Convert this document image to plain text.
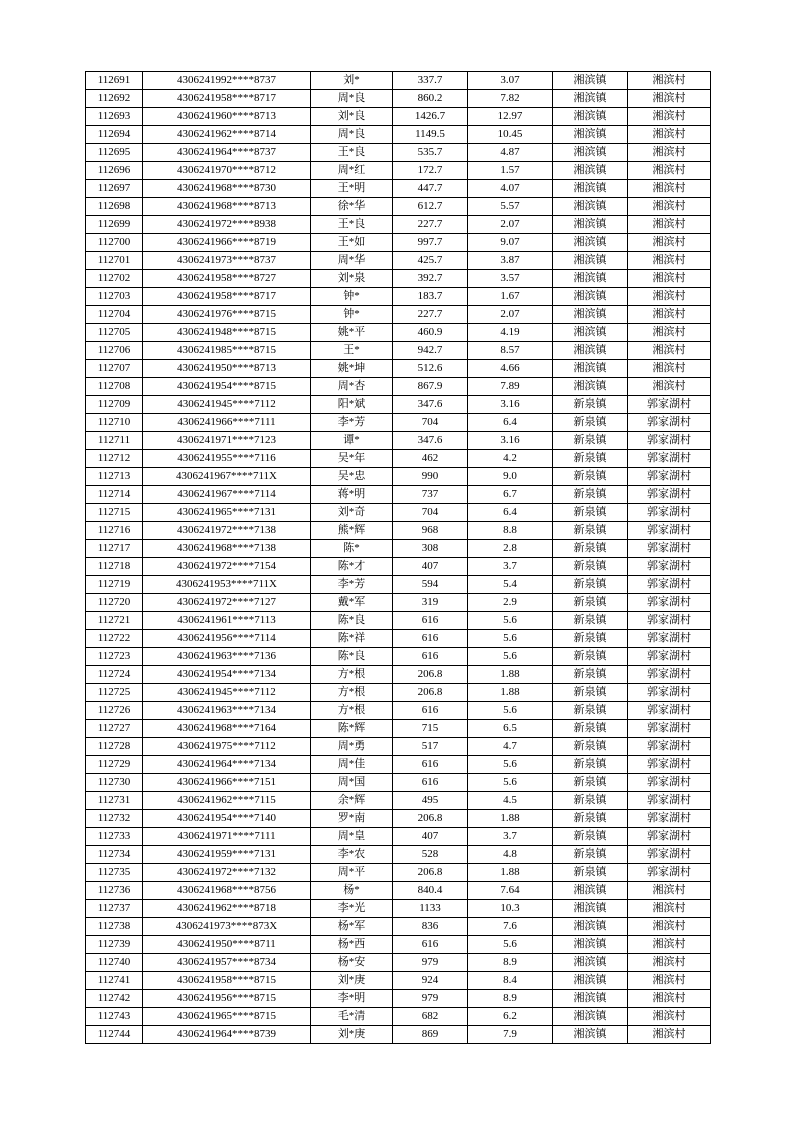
112691	4306241992****8737	刘*	337.7	3.07	湘滨镇	湘滨村
112692	4306241958****8717	周*良	860.2	7.82	湘滨镇	湘滨村
112693	4306241960****8713	刘*良	1426.7	12.97	湘滨镇	湘滨村
112694	4306241962****8714	周*良	1149.5	10.45	湘滨镇	湘滨村
112695	4306241964****8737	王*良	535.7	4.87	湘滨镇	湘滨村
112696	4306241970****8712	周*红	172.7	1.57	湘滨镇	湘滨村
112697	4306241968****8730	王*明	447.7	4.07	湘滨镇	湘滨村
112698	4306241968****8713	徐*华	612.7	5.57	湘滨镇	湘滨村
112699	4306241972****8938	王*良	227.7	2.07	湘滨镇	湘滨村
112700	4306241966****8719	王*如	997.7	9.07	湘滨镇	湘滨村
112701	4306241973****8737	周*华	425.7	3.87	湘滨镇	湘滨村
112702	4306241958****8727	刘*泉	392.7	3.57	湘滨镇	湘滨村
112703	4306241958****8717	钟*	183.7	1.67	湘滨镇	湘滨村
112704	4306241976****8715	钟*	227.7	2.07	湘滨镇	湘滨村
112705	4306241948****8715	姚*平	460.9	4.19	湘滨镇	湘滨村
112706	4306241985****8715	王*	942.7	8.57	湘滨镇	湘滨村
112707	4306241950****8713	姚*坤	512.6	4.66	湘滨镇	湘滨村
112708	4306241954****8715	周*杏	867.9	7.89	湘滨镇	湘滨村
112709	4306241945****7112	阳*斌	347.6	3.16	新泉镇	郭家湖村
112710	4306241966****7111	李*芳	704	6.4	新泉镇	郭家湖村
112711	4306241971****7123	谭*	347.6	3.16	新泉镇	郭家湖村
112712	4306241955****7116	吴*年	462	4.2	新泉镇	郭家湖村
112713	4306241967****711X	吴*忠	990	9.0	新泉镇	郭家湖村
112714	4306241967****7114	蒋*明	737	6.7	新泉镇	郭家湖村
112715	4306241965****7131	刘*奇	704	6.4	新泉镇	郭家湖村
112716	4306241972****7138	熊*辉	968	8.8	新泉镇	郭家湖村
112717	4306241968****7138	陈*	308	2.8	新泉镇	郭家湖村
112718	4306241972****7154	陈*才	407	3.7	新泉镇	郭家湖村
112719	4306241953****711X	李*芳	594	5.4	新泉镇	郭家湖村
112720	4306241972****7127	戴*军	319	2.9	新泉镇	郭家湖村
112721	4306241961****7113	陈*良	616	5.6	新泉镇	郭家湖村
112722	4306241956****7114	陈*祥	616	5.6	新泉镇	郭家湖村
112723	4306241963****7136	陈*良	616	5.6	新泉镇	郭家湖村
112724	4306241954****7134	方*根	206.8	1.88	新泉镇	郭家湖村
112725	4306241945****7112	方*根	206.8	1.88	新泉镇	郭家湖村
112726	4306241963****7134	方*根	616	5.6	新泉镇	郭家湖村
112727	4306241968****7164	陈*辉	715	6.5	新泉镇	郭家湖村
112728	4306241975****7112	周*勇	517	4.7	新泉镇	郭家湖村
112729	4306241964****7134	周*佳	616	5.6	新泉镇	郭家湖村
112730	4306241966****7151	周*国	616	5.6	新泉镇	郭家湖村
112731	4306241962****7115	余*辉	495	4.5	新泉镇	郭家湖村
112732	4306241954****7140	罗*南	206.8	1.88	新泉镇	郭家湖村
112733	4306241971****7111	周*皇	407	3.7	新泉镇	郭家湖村
112734	4306241959****7131	李*农	528	4.8	新泉镇	郭家湖村
112735	4306241972****7132	周*平	206.8	1.88	新泉镇	郭家湖村
112736	4306241968****8756	杨*	840.4	7.64	湘滨镇	湘滨村
112737	4306241962****8718	李*光	1133	10.3	湘滨镇	湘滨村
112738	4306241973****873X	杨*军	836	7.6	湘滨镇	湘滨村
112739	4306241950****8711	杨*西	616	5.6	湘滨镇	湘滨村
112740	4306241957****8734	杨*安	979	8.9	湘滨镇	湘滨村
112741	4306241958****8715	刘*庚	924	8.4	湘滨镇	湘滨村
112742	4306241956****8715	李*明	979	8.9	湘滨镇	湘滨村
112743	4306241965****8715	毛*清	682	6.2	湘滨镇	湘滨村
112744	4306241964****8739	刘*庚	869	7.9	湘滨镇	湘滨村
